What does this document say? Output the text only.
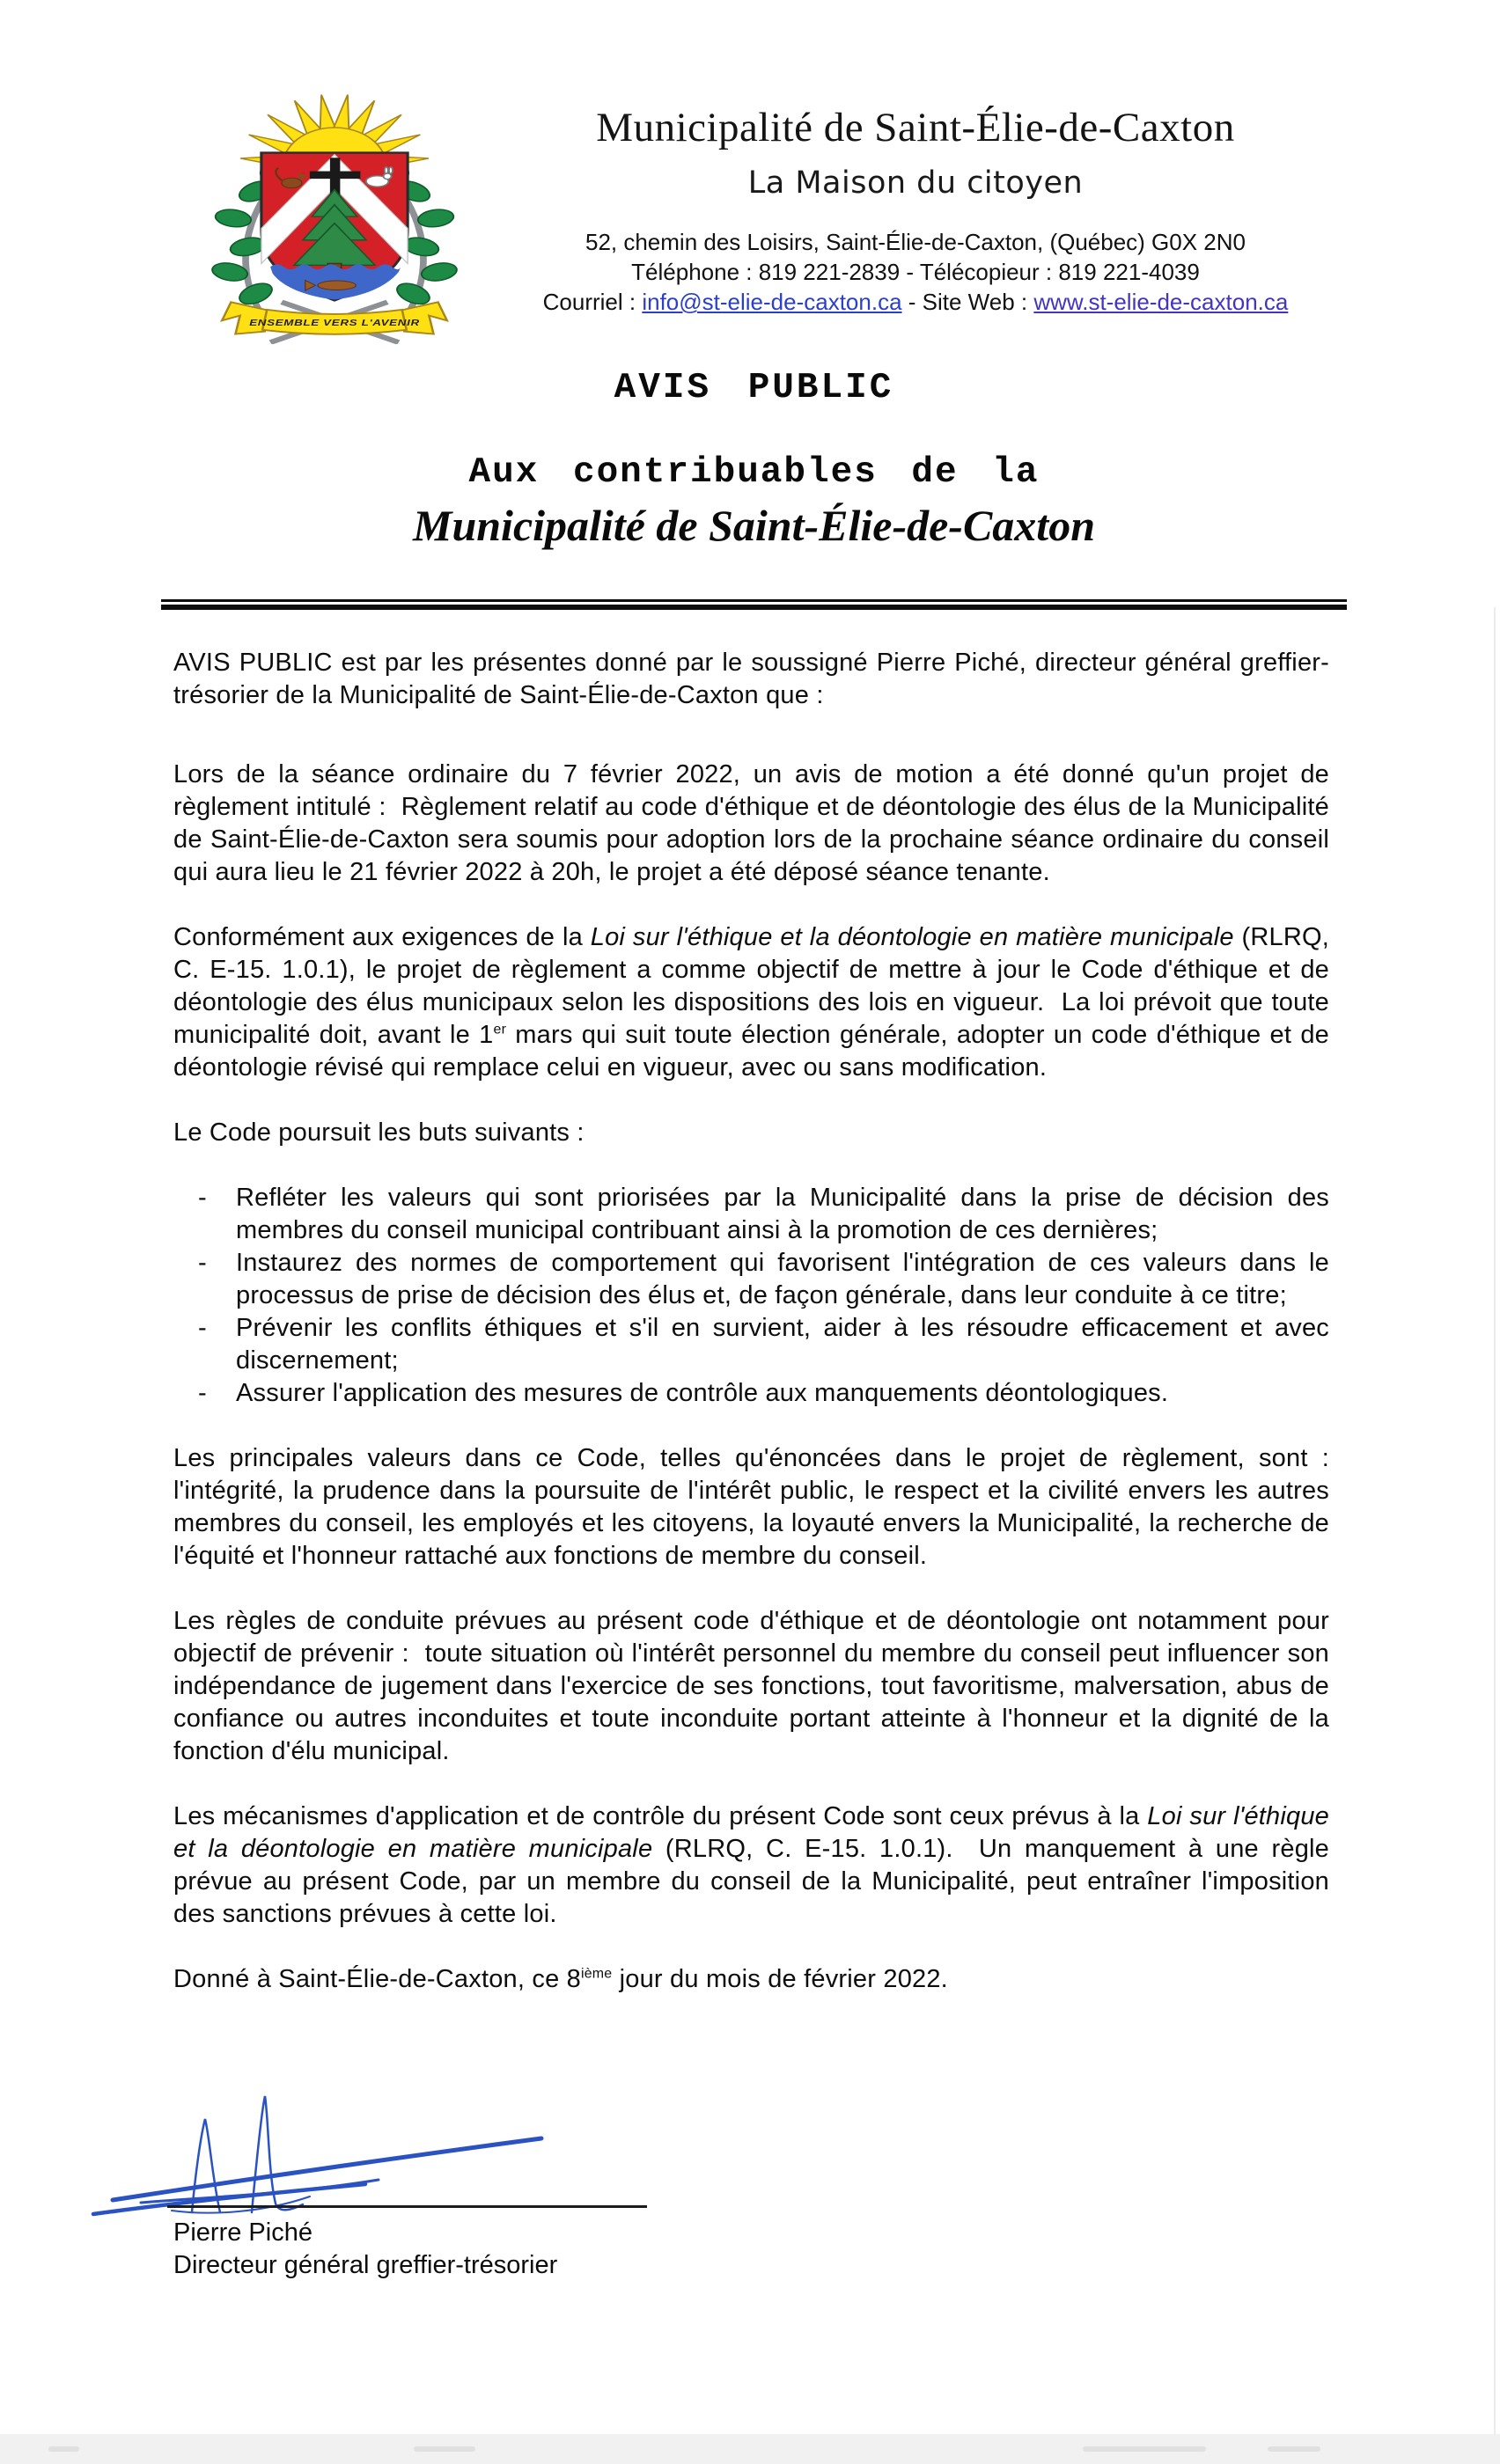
ENSEMBLE VERS L'AVENIR
Municipalité de Saint-Élie-de-Caxton
La Maison du citoyen
52, chemin des Loisirs, Saint-Élie-de-Caxton, (Québec) G0X 2N0
Téléphone : 819 221-2839 - Télécopieur : 819 221-4039
Courriel : info@st-elie-de-caxton.ca - Site Web : www.st-elie-de-caxton.ca
AVIS PUBLIC
Aux contribuables de la
Municipalité de Saint-Élie-de-Caxton

AVIS PUBLIC est par les présentes donné par le soussigné Pierre Piché, directeur général greffier-trésorier de la Municipalité de Saint-Élie-de-Caxton que :

Lors de la séance ordinaire du 7 février 2022, un avis de motion a été donné qu'un projet de règlement intitulé :  Règlement relatif au code d'éthique et de déontologie des élus de la Municipalité de Saint-Élie-de-Caxton sera soumis pour adoption lors de la prochaine séance ordinaire du conseil qui aura lieu le 21 février 2022 à 20h, le projet a été déposé séance tenante.

Conformément aux exigences de la Loi sur l'éthique et la déontologie en matière municipale (RLRQ, C. E-15. 1.0.1), le projet de règlement a comme objectif de mettre à jour le Code d'éthique et de déontologie des élus municipaux selon les dispositions des lois en vigueur.  La loi prévoit que toute municipalité doit, avant le 1er mars qui suit toute élection générale, adopter un code d'éthique et de déontologie révisé qui remplace celui en vigueur, avec ou sans modification.

Le Code poursuit les buts suivants :

-	Refléter les valeurs qui sont priorisées par la Municipalité dans la prise de décision des membres du conseil municipal contribuant ainsi à la promotion de ces dernières;
-	Instaurez des normes de comportement qui favorisent l'intégration de ces valeurs dans le processus de prise de décision des élus et, de façon générale, dans leur conduite à ce titre;
-	Prévenir les conflits éthiques et s'il en survient, aider à les résoudre efficacement et avec discernement;
-	Assurer l'application des mesures de contrôle aux manquements déontologiques.

Les principales valeurs dans ce Code, telles qu'énoncées dans le projet de règlement, sont : l'intégrité, la prudence dans la poursuite de l'intérêt public, le respect et la civilité envers les autres membres du conseil, les employés et les citoyens, la loyauté envers la Municipalité, la recherche de l'équité et l'honneur rattaché aux fonctions de membre du conseil.

Les règles de conduite prévues au présent code d'éthique et de déontologie ont notamment pour objectif de prévenir :  toute situation où l'intérêt personnel du membre du conseil peut influencer son indépendance de jugement dans l'exercice de ses fonctions, tout favoritisme, malversation, abus de confiance ou autres inconduites et toute inconduite portant atteinte à l'honneur et la dignité de la fonction d'élu municipal.

Les mécanismes d'application et de contrôle du présent Code sont ceux prévus à la Loi sur l'éthique et la déontologie en matière municipale (RLRQ, C. E-15. 1.0.1).  Un manquement à une règle prévue au présent Code, par un membre du conseil de la Municipalité, peut entraîner l'imposition des sanctions prévues à cette loi.

Donné à Saint-Élie-de-Caxton, ce 8ième jour du mois de février 2022.

Pierre Piché
Directeur général greffier-trésorier
